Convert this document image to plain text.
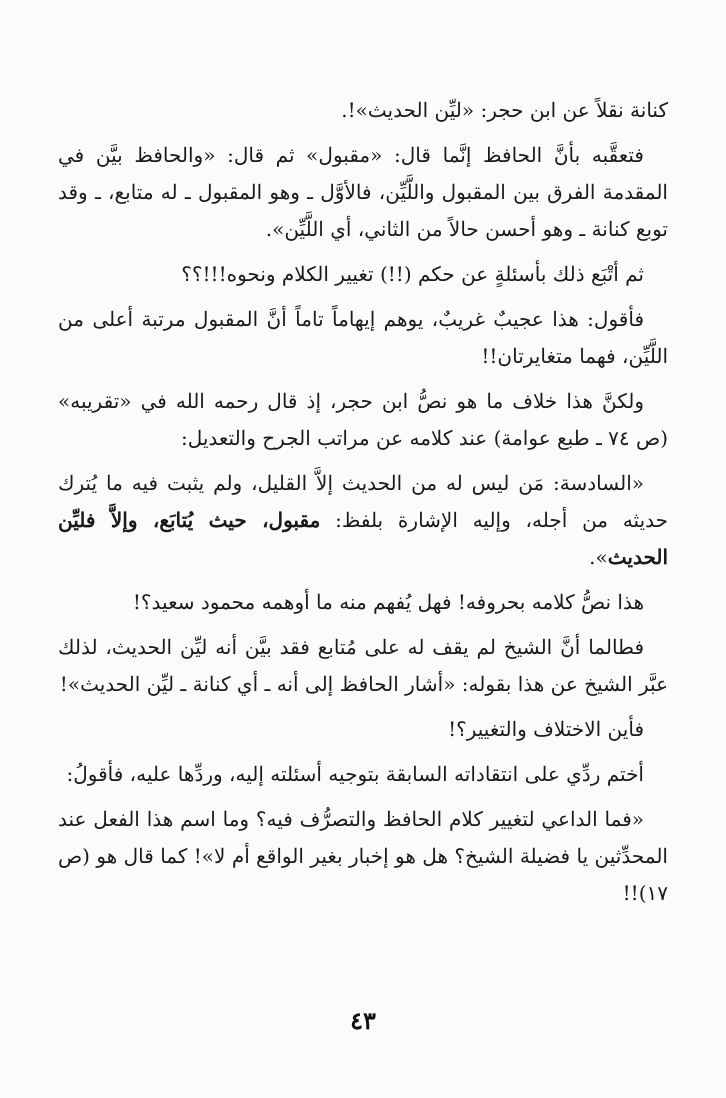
كنانة نقلاً عن ابن حجر: «ليِّن الحديث»!.

فتعقَّبه بأنَّ الحافظ إنَّما قال: «مقبول» ثم قال: «والحافظ بيَّن في المقدمة الفرق بين المقبول واللَّيِّن، فالأوَّل ـ وهو المقبول ـ له متابع، ـ وقد توبع كنانة ـ وهو أحسن حالاً من الثاني، أي اللَّيِّن».

ثم أتْبَع ذلك بأسئلةٍ عن حكم (!!) تغيير الكلام ونحوه!!!؟؟

فأقول: هذا عجيبٌ غريبٌ، يوهم إيهاماً تاماً أنَّ المقبول مرتبة أعلى من اللَّيِّن، فهما متغايرتان!!

ولكنَّ هذا خلاف ما هو نصُّ ابن حجر، إذ قال رحمه الله في «تقريبه» (ص ٧٤ ـ طبع عوامة) عند كلامه عن مراتب الجرح والتعديل:

«السادسة: مَن ليس له من الحديث إلاَّ القليل، ولم يثبت فيه ما يُترك حديثه من أجله، وإليه الإشارة بلفظ: مقبول، حيث يُتابَع، وإلاَّ فليِّن الحديث».

هذا نصُّ كلامه بحروفه! فهل يُفهم منه ما أوهمه محمود سعيد؟!

فطالما أنَّ الشيخ لم يقف له على مُتابع فقد بيَّن أنه ليِّن الحديث، لذلك عبَّر الشيخ عن هذا بقوله: «أشار الحافظ إلى أنه ـ أي كنانة ـ ليِّن الحديث»!

فأين الاختلاف والتغيير؟!

أختم ردِّي على انتقاداته السابقة بتوجيه أسئلته إليه، وردِّها عليه، فأقولُ:

«فما الداعي لتغيير كلام الحافظ والتصرُّف فيه؟ وما اسم هذا الفعل عند المحدِّثين يا فضيلة الشيخ؟ هل هو إخبار بغير الواقع أم لا»! كما قال هو (ص ١٧)!!

٤٣
